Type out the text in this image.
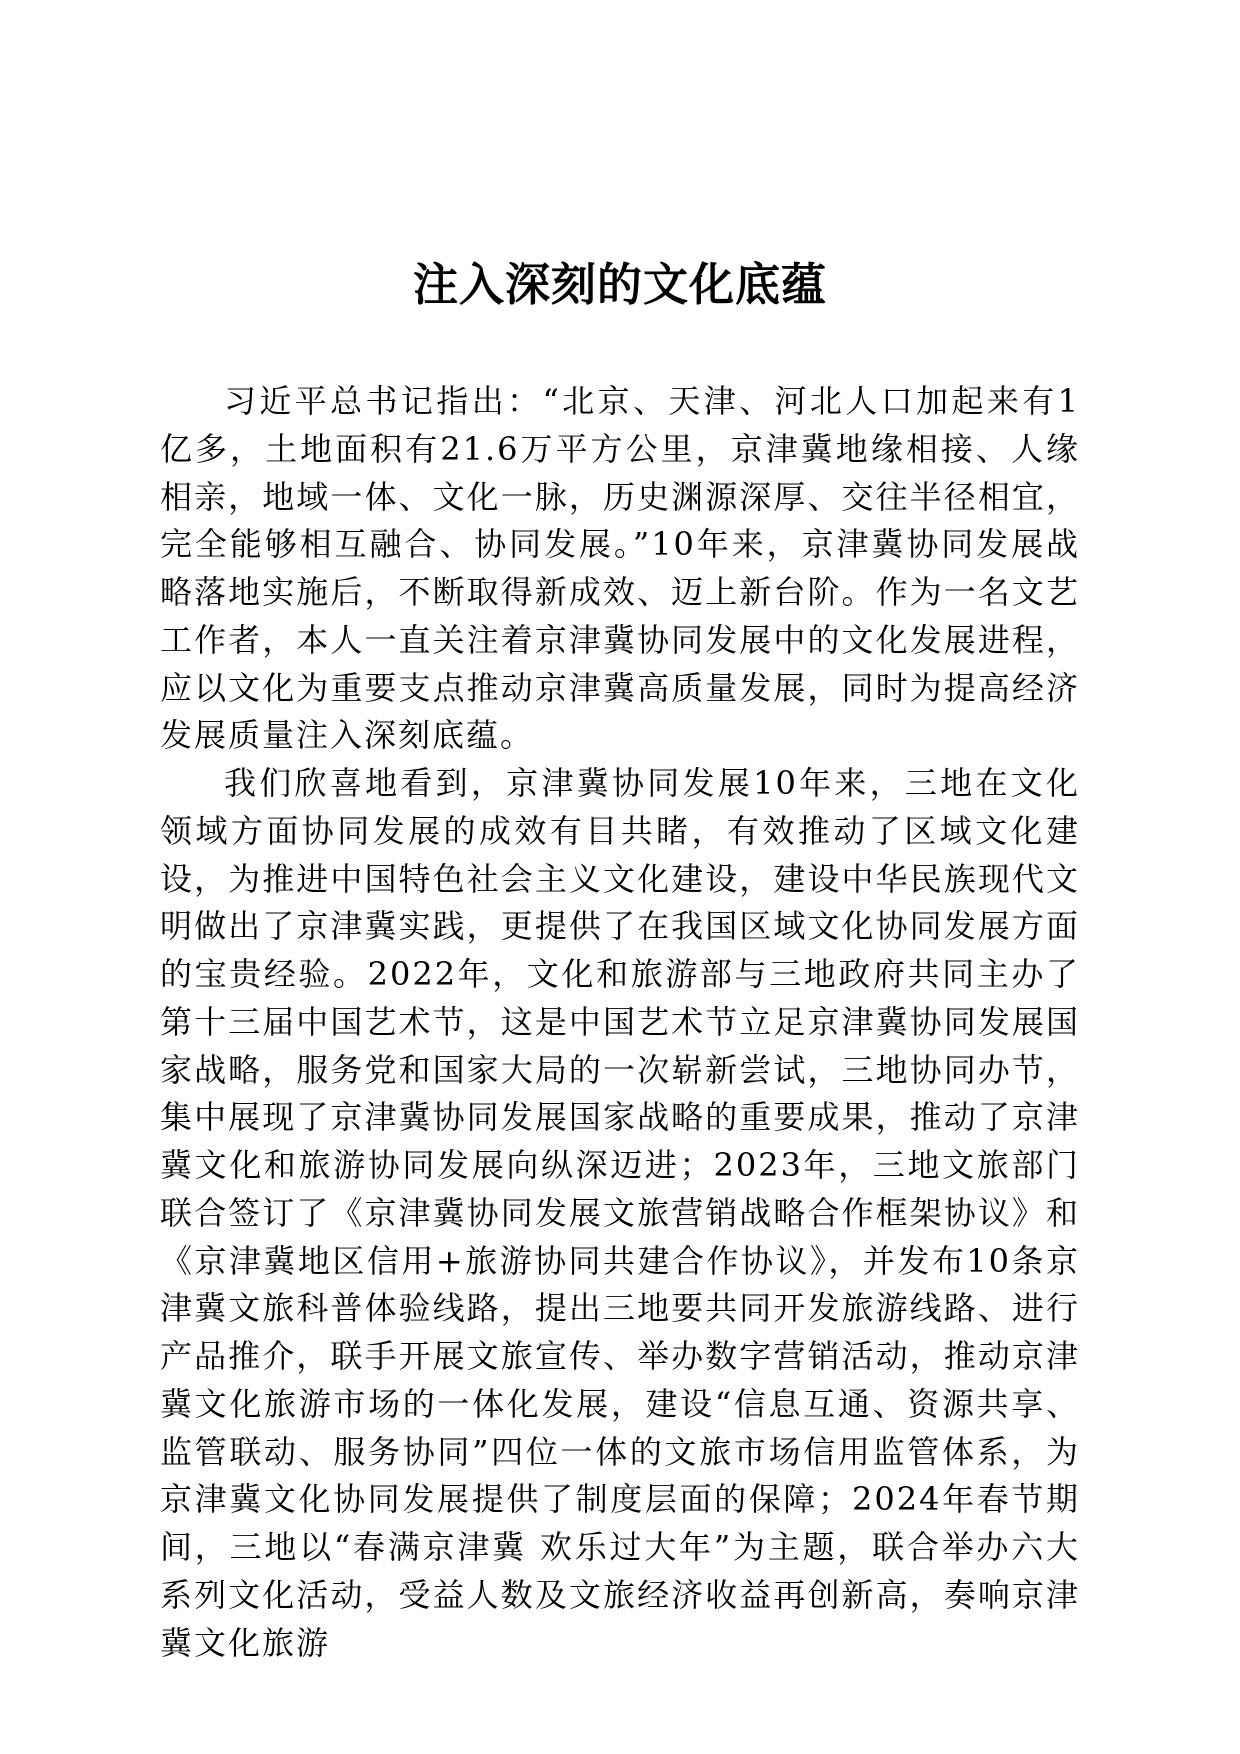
注入深刻的文化底蕴

习近平总书记指出：“北京、天津、河北人口加起来有1亿多，土地面积有21.6万平方公里，京津冀地缘相接、人缘相亲，地域一体、文化一脉，历史渊源深厚、交往半径相宜，完全能够相互融合、协同发展。”10年来，京津冀协同发展战略落地实施后，不断取得新成效、迈上新台阶。作为一名文艺工作者，本人一直关注着京津冀协同发展中的文化发展进程，应以文化为重要支点推动京津冀高质量发展，同时为提高经济发展质量注入深刻底蕴。

我们欣喜地看到，京津冀协同发展10年来，三地在文化领域方面协同发展的成效有目共睹，有效推动了区域文化建设，为推进中国特色社会主义文化建设，建设中华民族现代文明做出了京津冀实践，更提供了在我国区域文化协同发展方面的宝贵经验。2022年，文化和旅游部与三地政府共同主办了第十三届中国艺术节，这是中国艺术节立足京津冀协同发展国家战略，服务党和国家大局的一次崭新尝试，三地协同办节，集中展现了京津冀协同发展国家战略的重要成果，推动了京津冀文化和旅游协同发展向纵深迈进；2023年，三地文旅部门联合签订了《京津冀协同发展文旅营销战略合作框架协议》和《京津冀地区信用+旅游协同共建合作协议》，并发布10条京津冀文旅科普体验线路，提出三地要共同开发旅游线路、进行产品推介，联手开展文旅宣传、举办数字营销活动，推动京津冀文化旅游市场的一体化发展，建设“信息互通、资源共享、监管联动、服务协同”四位一体的文旅市场信用监管体系，为京津冀文化协同发展提供了制度层面的保障；2024年春节期间，三地以“春满京津冀 欢乐过大年”为主题，联合举办六大系列文化活动，受益人数及文旅经济收益再创新高，奏响京津冀文化旅游
